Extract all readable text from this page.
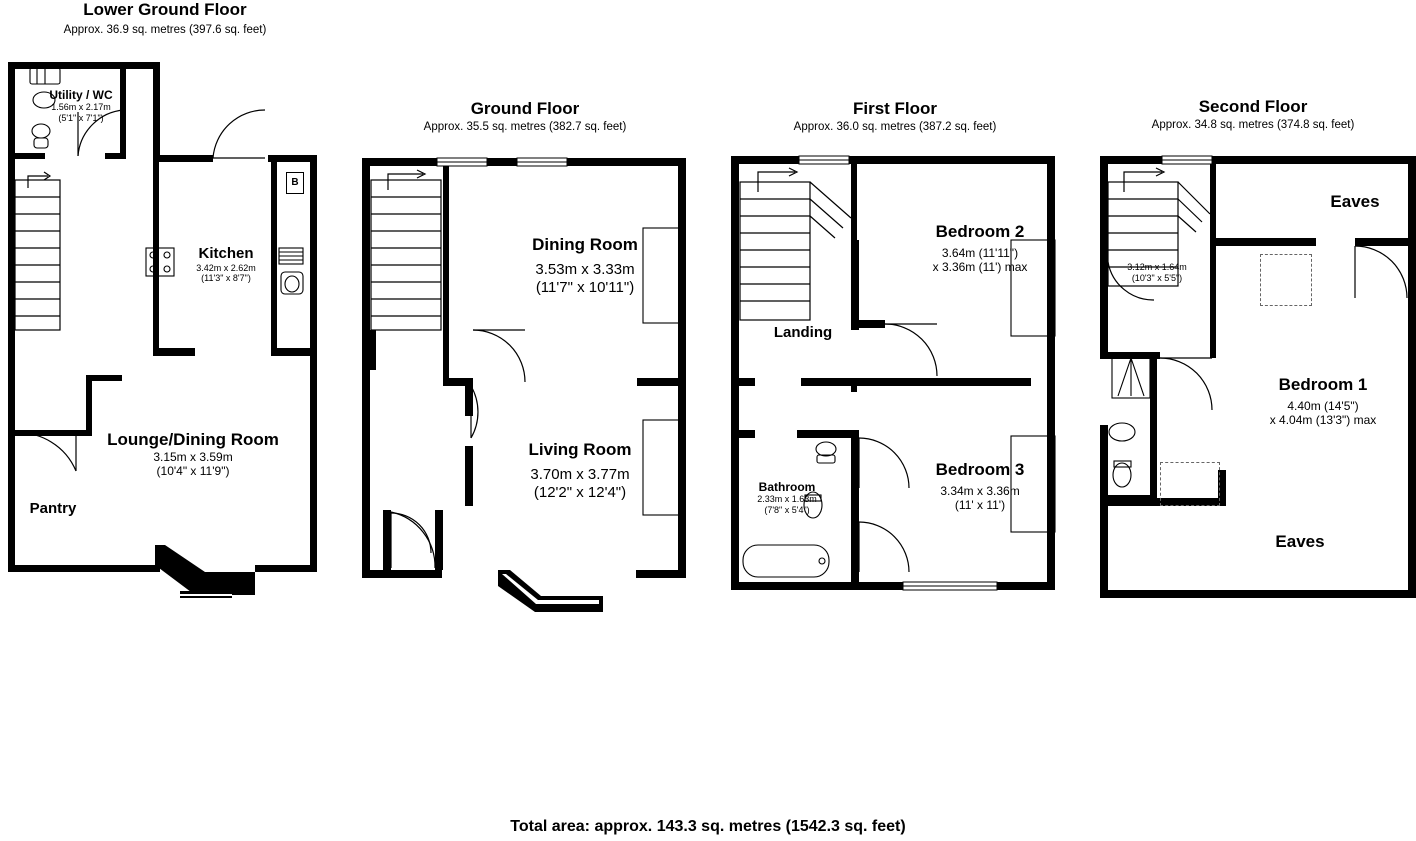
Lower Ground Floor
Approx. 36.9 sq. metres (397.6 sq. feet)
B
Utility / WC
1.56m x 2.17m
(5'1" x 7'1")
Kitchen
3.42m x 2.62m
(11'3" x 8'7")
Lounge/Dining Room
3.15m x 3.59m
(10'4" x 11'9")
Pantry
Ground Floor
Approx. 35.5 sq. metres (382.7 sq. feet)
Dining Room
3.53m x 3.33m
(11'7" x 10'11")
Living Room
3.70m x 3.77m
(12'2" x 12'4")
First Floor
Approx. 36.0 sq. metres (387.2 sq. feet)
Bedroom 2
3.64m (11'11")
x 3.36m (11') max
Landing
Bathroom
2.33m x 1.63m
(7'8" x 5'4")
Bedroom 3
3.34m x 3.36m
(11' x 11')
Second Floor
Approx. 34.8 sq. metres (374.8 sq. feet)
Eaves
3.12m x 1.64m
(10'3" x 5'5")
Bedroom 1
4.40m (14'5")
x 4.04m (13'3") max
Eaves
Total area: approx. 143.3 sq. metres (1542.3 sq. feet)
